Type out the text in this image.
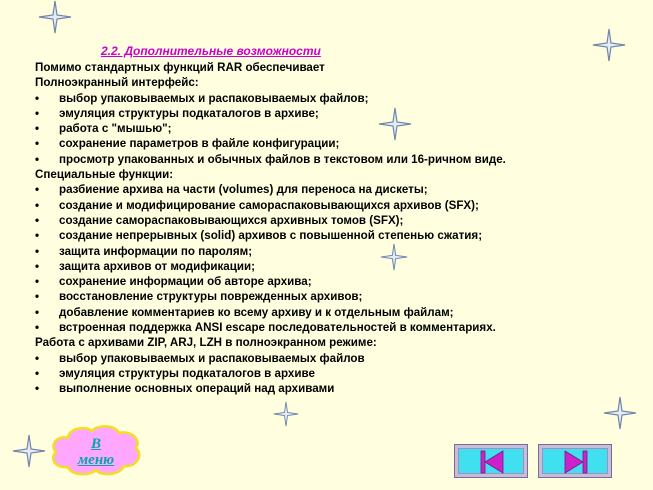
2.2. Дополнительные возможности
Помимо стандартных функций RAR обеспечивает
Полноэкранный интерфейс:
•	выбор упаковываемых и распаковываемых файлов;
•	эмуляция структуры подкаталогов в архиве;
•	работа с "мышью";
•	сохранение параметров в файле конфигурации;
•	просмотр упакованных и обычных файлов в текстовом или 16-ричном виде.
Специальные функции:
•	разбиение архива на части (volumes) для переноса на дискеты;
•	создание и модифицирование самораспаковывающихся архивов (SFX);
•	создание самораспаковывающихся архивных томов (SFX);
•	создание непрерывных (solid) архивов с повышенной степенью сжатия;
•	защита информации по паролям;
•	защита архивов от модификации;
•	сохранение информации об авторе архива;
•	восстановление структуры поврежденных архивов;
•	добавление комментариев ко всему архиву и к отдельным файлам;
•	встроенная поддержка ANSI escape последовательностей в комментариях.
Работа с архивами ZIP, ARJ, LZH в полноэкранном режиме:
•	выбор упаковываемых и распаковываемых файлов
•	эмуляция структуры подкаталогов в архиве
•	выполнение основных операций над архивами
В
меню
